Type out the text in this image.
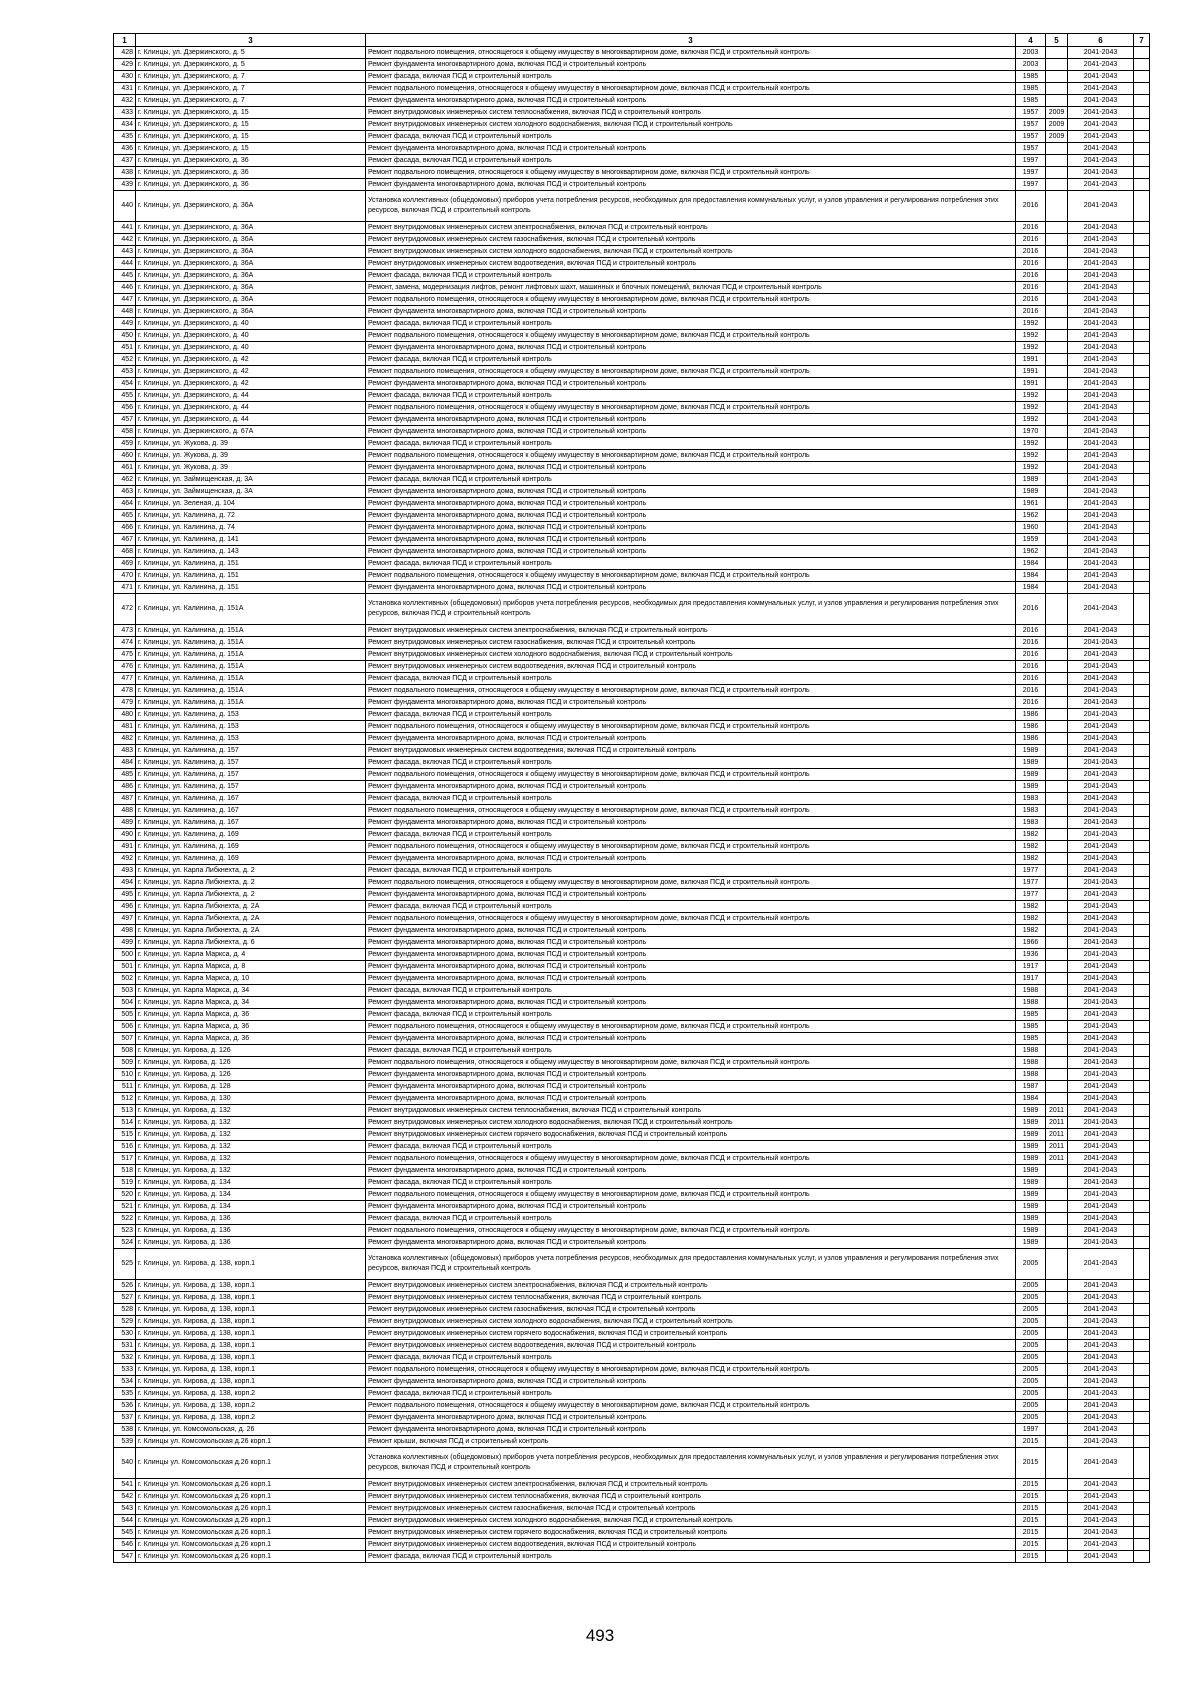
1	3	3	4	5	6	7
428	г. Клинцы, ул. Дзержинского, д. 5	Ремонт подвального помещения, относящегося к общему имуществу в многоквартирном доме, включая ПСД и строительный контроль	2003		2041-2043	
429	г. Клинцы, ул. Дзержинского, д. 5	Ремонт фундамента многоквартирного дома, включая ПСД и строительный контроль	2003		2041-2043	
430	г. Клинцы, ул. Дзержинского, д. 7	Ремонт фасада, включая ПСД и строительный контроль	1985		2041-2043	
431	г. Клинцы, ул. Дзержинского, д. 7	Ремонт подвального помещения, относящегося к общему имуществу в многоквартирном доме, включая ПСД и строительный контроль	1985		2041-2043	
432	г. Клинцы, ул. Дзержинского, д. 7	Ремонт фундамента многоквартирного дома, включая ПСД и строительный контроль	1985		2041-2043	
433	г. Клинцы, ул. Дзержинского, д. 15	Ремонт внутридомовых инженерных систем теплоснабжения, включая ПСД и строительный контроль	1957	2009	2041-2043	
434	г. Клинцы, ул. Дзержинского, д. 15	Ремонт внутридомовых инженерных систем холодного водоснабжения, включая ПСД и строительный контроль	1957	2009	2041-2043	
435	г. Клинцы, ул. Дзержинского, д. 15	Ремонт фасада, включая ПСД и строительный контроль	1957	2009	2041-2043	
436	г. Клинцы, ул. Дзержинского, д. 15	Ремонт фундамента многоквартирного дома, включая ПСД и строительный контроль	1957		2041-2043	
437	г. Клинцы, ул. Дзержинского, д. 36	Ремонт фасада, включая ПСД и строительный контроль	1997		2041-2043	
438	г. Клинцы, ул. Дзержинского, д. 36	Ремонт подвального помещения, относящегося к общему имуществу в многоквартирном доме, включая ПСД и строительный контроль	1997		2041-2043	
439	г. Клинцы, ул. Дзержинского, д. 36	Ремонт фундамента многоквартирного дома, включая ПСД и строительный контроль	1997		2041-2043	
440	г. Клинцы, ул. Дзержинского, д. 36А	Установка коллективных (общедомовых) приборов учета потребления ресурсов, необходимых для предоставления коммунальных услуг, и узлов управления и регулирования потребления этих ресурсов, включая ПСД и строительный контроль	2016		2041-2043	
441	г. Клинцы, ул. Дзержинского, д. 36А	Ремонт внутридомовых инженерных систем электроснабжения, включая ПСД и строительный контроль	2016		2041-2043	
442	г. Клинцы, ул. Дзержинского, д. 36А	Ремонт внутридомовых инженерных систем газоснабжения, включая ПСД и строительный контроль	2016		2041-2043	
443	г. Клинцы, ул. Дзержинского, д. 36А	Ремонт внутридомовых инженерных систем холодного водоснабжения, включая ПСД и строительный контроль	2016		2041-2043	
444	г. Клинцы, ул. Дзержинского, д. 36А	Ремонт внутридомовых инженерных систем водоотведения, включая ПСД и строительный контроль	2016		2041-2043	
445	г. Клинцы, ул. Дзержинского, д. 36А	Ремонт фасада, включая ПСД и строительный контроль	2016		2041-2043	
446	г. Клинцы, ул. Дзержинского, д. 36А	Ремонт, замена, модернизация лифтов, ремонт лифтовых шахт, машинных и блочных помещений, включая ПСД и строительный контроль	2016		2041-2043	
447	г. Клинцы, ул. Дзержинского, д. 36А	Ремонт подвального помещения, относящегося к общему имуществу в многоквартирном доме, включая ПСД и строительный контроль	2016		2041-2043	
448	г. Клинцы, ул. Дзержинского, д. 36А	Ремонт фундамента многоквартирного дома, включая ПСД и строительный контроль	2016		2041-2043	
449	г. Клинцы, ул. Дзержинского, д. 40	Ремонт фасада, включая ПСД и строительный контроль	1992		2041-2043	
450	г. Клинцы, ул. Дзержинского, д. 40	Ремонт подвального помещения, относящегося к общему имуществу в многоквартирном доме, включая ПСД и строительный контроль	1992		2041-2043	
451	г. Клинцы, ул. Дзержинского, д. 40	Ремонт фундамента многоквартирного дома, включая ПСД и строительный контроль	1992		2041-2043	
452	г. Клинцы, ул. Дзержинского, д. 42	Ремонт фасада, включая ПСД и строительный контроль	1991		2041-2043	
453	г. Клинцы, ул. Дзержинского, д. 42	Ремонт подвального помещения, относящегося к общему имуществу в многоквартирном доме, включая ПСД и строительный контроль	1991		2041-2043	
454	г. Клинцы, ул. Дзержинского, д. 42	Ремонт фундамента многоквартирного дома, включая ПСД и строительный контроль	1991		2041-2043	
455	г. Клинцы, ул. Дзержинского, д. 44	Ремонт фасада, включая ПСД и строительный контроль	1992		2041-2043	
456	г. Клинцы, ул. Дзержинского, д. 44	Ремонт подвального помещения, относящегося к общему имуществу в многоквартирном доме, включая ПСД и строительный контроль	1992		2041-2043	
457	г. Клинцы, ул. Дзержинского, д. 44	Ремонт фундамента многоквартирного дома, включая ПСД и строительный контроль	1992		2041-2043	
458	г. Клинцы, ул. Дзержинского, д. 67А	Ремонт фундамента многоквартирного дома, включая ПСД и строительный контроль	1970		2041-2043	
459	г. Клинцы, ул. Жукова, д. 39	Ремонт фасада, включая ПСД и строительный контроль	1992		2041-2043	
460	г. Клинцы, ул. Жукова, д. 39	Ремонт подвального помещения, относящегося к общему имуществу в многоквартирном доме, включая ПСД и строительный контроль	1992		2041-2043	
461	г. Клинцы, ул. Жукова, д. 39	Ремонт фундамента многоквартирного дома, включая ПСД и строительный контроль	1992		2041-2043	
462	г. Клинцы, ул. Займищенская, д. 3А	Ремонт фасада, включая ПСД и строительный контроль	1989		2041-2043	
463	г. Клинцы, ул. Займищенская, д. 3А	Ремонт фундамента многоквартирного дома, включая ПСД и строительный контроль	1989		2041-2043	
464	г. Клинцы, ул. Зеленая, д. 104	Ремонт фундамента многоквартирного дома, включая ПСД и строительный контроль	1961		2041-2043	
465	г. Клинцы, ул. Калинина, д. 72	Ремонт фундамента многоквартирного дома, включая ПСД и строительный контроль	1962		2041-2043	
466	г. Клинцы, ул. Калинина, д. 74	Ремонт фундамента многоквартирного дома, включая ПСД и строительный контроль	1960		2041-2043	
467	г. Клинцы, ул. Калинина, д. 141	Ремонт фундамента многоквартирного дома, включая ПСД и строительный контроль	1959		2041-2043	
468	г. Клинцы, ул. Калинина, д. 143	Ремонт фундамента многоквартирного дома, включая ПСД и строительный контроль	1962		2041-2043	
469	г. Клинцы, ул. Калинина, д. 151	Ремонт фасада, включая ПСД и строительный контроль	1984		2041-2043	
470	г. Клинцы, ул. Калинина, д. 151	Ремонт подвального помещения, относящегося к общему имуществу в многоквартирном доме, включая ПСД и строительный контроль	1984		2041-2043	
471	г. Клинцы, ул. Калинина, д. 151	Ремонт фундамента многоквартирного дома, включая ПСД и строительный контроль	1984		2041-2043	
472	г. Клинцы, ул. Калинина, д. 151А	Установка коллективных (общедомовых) приборов учета потребления ресурсов, необходимых для предоставления коммунальных услуг, и узлов управления и регулирования потребления этих ресурсов, включая ПСД и строительный контроль	2016		2041-2043	
473	г. Клинцы, ул. Калинина, д. 151А	Ремонт внутридомовых инженерных систем электроснабжения, включая ПСД и строительный контроль	2016		2041-2043	
474	г. Клинцы, ул. Калинина, д. 151А	Ремонт внутридомовых инженерных систем газоснабжения, включая ПСД и строительный контроль	2016		2041-2043	
475	г. Клинцы, ул. Калинина, д. 151А	Ремонт внутридомовых инженерных систем холодного водоснабжения, включая ПСД и строительный контроль	2016		2041-2043	
476	г. Клинцы, ул. Калинина, д. 151А	Ремонт внутридомовых инженерных систем водоотведения, включая ПСД и строительный контроль	2016		2041-2043	
477	г. Клинцы, ул. Калинина, д. 151А	Ремонт фасада, включая ПСД и строительный контроль	2016		2041-2043	
478	г. Клинцы, ул. Калинина, д. 151А	Ремонт подвального помещения, относящегося к общему имуществу в многоквартирном доме, включая ПСД и строительный контроль	2016		2041-2043	
479	г. Клинцы, ул. Калинина, д. 151А	Ремонт фундамента многоквартирного дома, включая ПСД и строительный контроль	2016		2041-2043	
480	г. Клинцы, ул. Калинина, д. 153	Ремонт фасада, включая ПСД и строительный контроль	1986		2041-2043	
481	г. Клинцы, ул. Калинина, д. 153	Ремонт подвального помещения, относящегося к общему имуществу в многоквартирном доме, включая ПСД и строительный контроль	1986		2041-2043	
482	г. Клинцы, ул. Калинина, д. 153	Ремонт фундамента многоквартирного дома, включая ПСД и строительный контроль	1986		2041-2043	
483	г. Клинцы, ул. Калинина, д. 157	Ремонт внутридомовых инженерных систем водоотведения, включая ПСД и строительный контроль	1989		2041-2043	
484	г. Клинцы, ул. Калинина, д. 157	Ремонт фасада, включая ПСД и строительный контроль	1989		2041-2043	
485	г. Клинцы, ул. Калинина, д. 157	Ремонт подвального помещения, относящегося к общему имуществу в многоквартирном доме, включая ПСД и строительный контроль	1989		2041-2043	
486	г. Клинцы, ул. Калинина, д. 157	Ремонт фундамента многоквартирного дома, включая ПСД и строительный контроль	1989		2041-2043	
487	г. Клинцы, ул. Калинина, д. 167	Ремонт фасада, включая ПСД и строительный контроль	1983		2041-2043	
488	г. Клинцы, ул. Калинина, д. 167	Ремонт подвального помещения, относящегося к общему имуществу в многоквартирном доме, включая ПСД и строительный контроль	1983		2041-2043	
489	г. Клинцы, ул. Калинина, д. 167	Ремонт фундамента многоквартирного дома, включая ПСД и строительный контроль	1983		2041-2043	
490	г. Клинцы, ул. Калинина, д. 169	Ремонт фасада, включая ПСД и строительный контроль	1982		2041-2043	
491	г. Клинцы, ул. Калинина, д. 169	Ремонт подвального помещения, относящегося к общему имуществу в многоквартирном доме, включая ПСД и строительный контроль	1982		2041-2043	
492	г. Клинцы, ул. Калинина, д. 169	Ремонт фундамента многоквартирного дома, включая ПСД и строительный контроль	1982		2041-2043	
493	г. Клинцы, ул. Карла Либкнехта, д. 2	Ремонт фасада, включая ПСД и строительный контроль	1977		2041-2043	
494	г. Клинцы, ул. Карла Либкнехта, д. 2	Ремонт подвального помещения, относящегося к общему имуществу в многоквартирном доме, включая ПСД и строительный контроль	1977		2041-2043	
495	г. Клинцы, ул. Карла Либкнехта, д. 2	Ремонт фундамента многоквартирного дома, включая ПСД и строительный контроль	1977		2041-2043	
496	г. Клинцы, ул. Карла Либкнехта, д. 2А	Ремонт фасада, включая ПСД и строительный контроль	1982		2041-2043	
497	г. Клинцы, ул. Карла Либкнехта, д. 2А	Ремонт подвального помещения, относящегося к общему имуществу в многоквартирном доме, включая ПСД и строительный контроль	1982		2041-2043	
498	г. Клинцы, ул. Карла Либкнехта, д. 2А	Ремонт фундамента многоквартирного дома, включая ПСД и строительный контроль	1982		2041-2043	
499	г. Клинцы, ул. Карла Либкнехта, д. 6	Ремонт фундамента многоквартирного дома, включая ПСД и строительный контроль	1966		2041-2043	
500	г. Клинцы, ул. Карла Маркса, д. 4	Ремонт фундамента многоквартирного дома, включая ПСД и строительный контроль	1936		2041-2043	
501	г. Клинцы, ул. Карла Маркса, д. 8	Ремонт фундамента многоквартирного дома, включая ПСД и строительный контроль	1917		2041-2043	
502	г. Клинцы, ул. Карла Маркса, д. 10	Ремонт фундамента многоквартирного дома, включая ПСД и строительный контроль	1917		2041-2043	
503	г. Клинцы, ул. Карла Маркса, д. 34	Ремонт фасада, включая ПСД и строительный контроль	1988		2041-2043	
504	г. Клинцы, ул. Карла Маркса, д. 34	Ремонт фундамента многоквартирного дома, включая ПСД и строительный контроль	1988		2041-2043	
505	г. Клинцы, ул. Карла Маркса, д. 36	Ремонт фасада, включая ПСД и строительный контроль	1985		2041-2043	
506	г. Клинцы, ул. Карла Маркса, д. 36	Ремонт подвального помещения, относящегося к общему имуществу в многоквартирном доме, включая ПСД и строительный контроль	1985		2041-2043	
507	г. Клинцы, ул. Карла Маркса, д. 36	Ремонт фундамента многоквартирного дома, включая ПСД и строительный контроль	1985		2041-2043	
508	г. Клинцы, ул. Кирова, д. 126	Ремонт фасада, включая ПСД и строительный контроль	1988		2041-2043	
509	г. Клинцы, ул. Кирова, д. 126	Ремонт подвального помещения, относящегося к общему имуществу в многоквартирном доме, включая ПСД и строительный контроль	1988		2041-2043	
510	г. Клинцы, ул. Кирова, д. 126	Ремонт фундамента многоквартирного дома, включая ПСД и строительный контроль	1988		2041-2043	
511	г. Клинцы, ул. Кирова, д. 128	Ремонт фундамента многоквартирного дома, включая ПСД и строительный контроль	1987		2041-2043	
512	г. Клинцы, ул. Кирова, д. 130	Ремонт фундамента многоквартирного дома, включая ПСД и строительный контроль	1984		2041-2043	
513	г. Клинцы, ул. Кирова, д. 132	Ремонт внутридомовых инженерных систем теплоснабжения, включая ПСД и строительный контроль	1989	2011	2041-2043	
514	г. Клинцы, ул. Кирова, д. 132	Ремонт внутридомовых инженерных систем холодного водоснабжения, включая ПСД и строительный контроль	1989	2011	2041-2043	
515	г. Клинцы, ул. Кирова, д. 132	Ремонт внутридомовых инженерных систем горячего водоснабжения, включая ПСД и строительный контроль	1989	2011	2041-2043	
516	г. Клинцы, ул. Кирова, д. 132	Ремонт фасада, включая ПСД и строительный контроль	1989	2011	2041-2043	
517	г. Клинцы, ул. Кирова, д. 132	Ремонт подвального помещения, относящегося к общему имуществу в многоквартирном доме, включая ПСД и строительный контроль	1989	2011	2041-2043	
518	г. Клинцы, ул. Кирова, д. 132	Ремонт фундамента многоквартирного дома, включая ПСД и строительный контроль	1989		2041-2043	
519	г. Клинцы, ул. Кирова, д. 134	Ремонт фасада, включая ПСД и строительный контроль	1989		2041-2043	
520	г. Клинцы, ул. Кирова, д. 134	Ремонт подвального помещения, относящегося к общему имуществу в многоквартирном доме, включая ПСД и строительный контроль	1989		2041-2043	
521	г. Клинцы, ул. Кирова, д. 134	Ремонт фундамента многоквартирного дома, включая ПСД и строительный контроль	1989		2041-2043	
522	г. Клинцы, ул. Кирова, д. 136	Ремонт фасада, включая ПСД и строительный контроль	1989		2041-2043	
523	г. Клинцы, ул. Кирова, д. 136	Ремонт подвального помещения, относящегося к общему имуществу в многоквартирном доме, включая ПСД и строительный контроль	1989		2041-2043	
524	г. Клинцы, ул. Кирова, д. 136	Ремонт фундамента многоквартирного дома, включая ПСД и строительный контроль	1989		2041-2043	
525	г. Клинцы, ул. Кирова, д. 138, корп.1	Установка коллективных (общедомовых) приборов учета потребления ресурсов, необходимых для предоставления коммунальных услуг, и узлов управления и регулирования потребления этих ресурсов, включая ПСД и строительный контроль	2005		2041-2043	
526	г. Клинцы, ул. Кирова, д. 138, корп.1	Ремонт внутридомовых инженерных систем электроснабжения, включая ПСД и строительный контроль	2005		2041-2043	
527	г. Клинцы, ул. Кирова, д. 138, корп.1	Ремонт внутридомовых инженерных систем теплоснабжения, включая ПСД и строительный контроль	2005		2041-2043	
528	г. Клинцы, ул. Кирова, д. 138, корп.1	Ремонт внутридомовых инженерных систем газоснабжения, включая ПСД и строительный контроль	2005		2041-2043	
529	г. Клинцы, ул. Кирова, д. 138, корп.1	Ремонт внутридомовых инженерных систем холодного водоснабжения, включая ПСД и строительный контроль	2005		2041-2043	
530	г. Клинцы, ул. Кирова, д. 138, корп.1	Ремонт внутридомовых инженерных систем горячего водоснабжения, включая ПСД и строительный контроль	2005		2041-2043	
531	г. Клинцы, ул. Кирова, д. 138, корп.1	Ремонт внутридомовых инженерных систем водоотведения, включая ПСД и строительный контроль	2005		2041-2043	
532	г. Клинцы, ул. Кирова, д. 138, корп.1	Ремонт фасада, включая ПСД и строительный контроль	2005		2041-2043	
533	г. Клинцы, ул. Кирова, д. 138, корп.1	Ремонт подвального помещения, относящегося к общему имуществу в многоквартирном доме, включая ПСД и строительный контроль	2005		2041-2043	
534	г. Клинцы, ул. Кирова, д. 138, корп.1	Ремонт фундамента многоквартирного дома, включая ПСД и строительный контроль	2005		2041-2043	
535	г. Клинцы, ул. Кирова, д. 138, корп.2	Ремонт фасада, включая ПСД и строительный контроль	2005		2041-2043	
536	г. Клинцы, ул. Кирова, д. 138, корп.2	Ремонт подвального помещения, относящегося к общему имуществу в многоквартирном доме, включая ПСД и строительный контроль	2005		2041-2043	
537	г. Клинцы, ул. Кирова, д. 138, корп.2	Ремонт фундамента многоквартирного дома, включая ПСД и строительный контроль	2005		2041-2043	
538	г. Клинцы, ул. Комсомольская, д. 26	Ремонт фундамента многоквартирного дома, включая ПСД и строительный контроль	1997		2041-2043	
539	г. Клинцы ул. Комсомольская д.26 корп.1	Ремонт крыши, включая ПСД и строительный контроль	2015		2041-2043	
540	г. Клинцы ул. Комсомольская д.26 корп.1	Установка коллективных (общедомовых) приборов учета потребления ресурсов, необходимых для предоставления коммунальных услуг, и узлов управления и регулирования потребления этих ресурсов, включая ПСД и строительный контроль	2015		2041-2043	
541	г. Клинцы ул. Комсомольская д.26 корп.1	Ремонт внутридомовых инженерных систем электроснабжения, включая ПСД и строительный контроль	2015		2041-2043	
542	г. Клинцы ул. Комсомольская д.26 корп.1	Ремонт внутридомовых инженерных систем теплоснабжения, включая ПСД и строительный контроль	2015		2041-2043	
543	г. Клинцы ул. Комсомольская д.26 корп.1	Ремонт внутридомовых инженерных систем газоснабжения, включая ПСД и строительный контроль	2015		2041-2043	
544	г. Клинцы ул. Комсомольская д.26 корп.1	Ремонт внутридомовых инженерных систем холодного водоснабжения, включая ПСД и строительный контроль	2015		2041-2043	
545	г. Клинцы ул. Комсомольская д.26 корп.1	Ремонт внутридомовых инженерных систем горячего водоснабжения, включая ПСД и строительный контроль	2015		2041-2043	
546	г. Клинцы ул. Комсомольская д.26 корп.1	Ремонт внутридомовых инженерных систем водоотведения, включая ПСД и строительный контроль	2015		2041-2043	
547	г. Клинцы ул. Комсомольская д.26 корп.1	Ремонт фасада, включая ПСД и строительный контроль	2015		2041-2043	
493
